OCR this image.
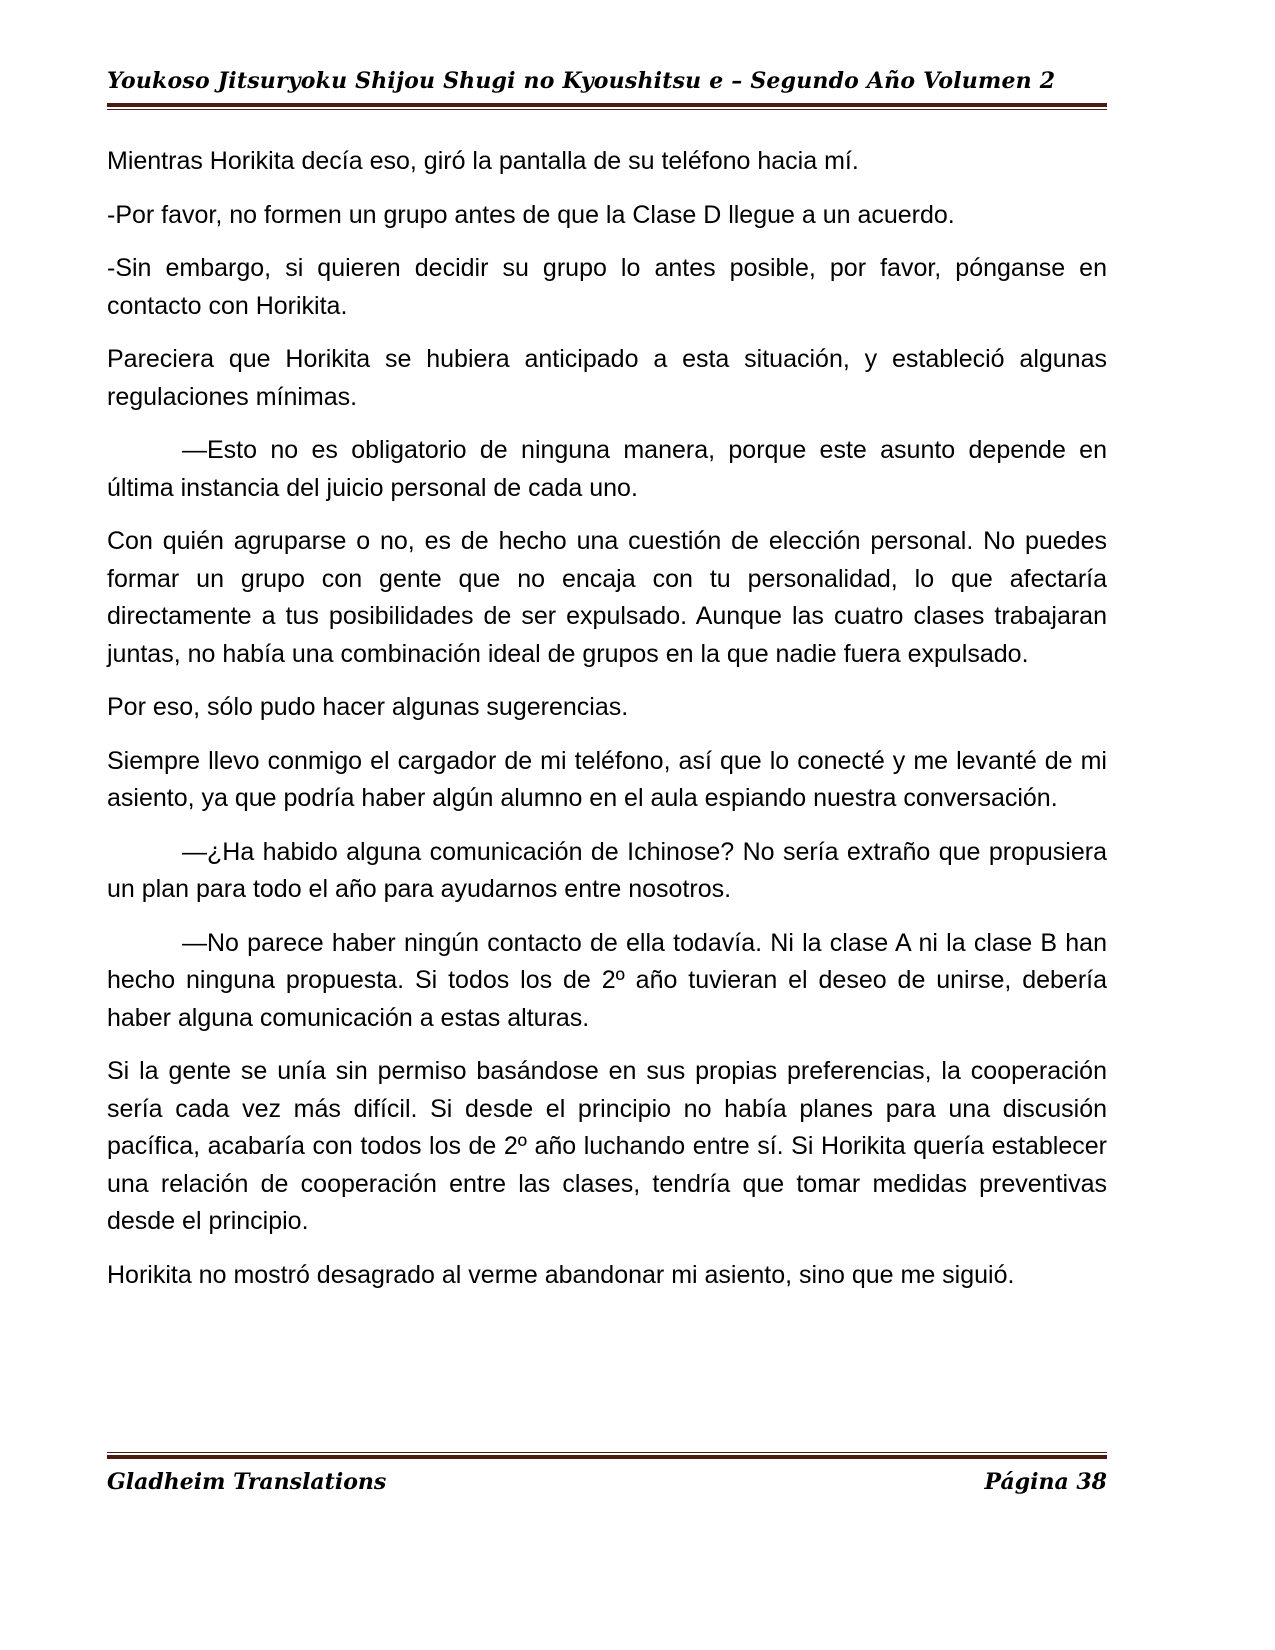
Youkoso Jitsuryoku Shijou Shugi no Kyoushitsu e – Segundo Año Volumen 2

Mientras Horikita decía eso, giró la pantalla de su teléfono hacia mí.

-Por favor, no formen un grupo antes de que la Clase D llegue a un acuerdo.

-Sin embargo, si quieren decidir su grupo lo antes posible, por favor, pónganse en contacto con Horikita.

Pareciera que Horikita se hubiera anticipado a esta situación, y estableció algunas regulaciones mínimas.

—Esto no es obligatorio de ninguna manera, porque este asunto depende en última instancia del juicio personal de cada uno.

Con quién agruparse o no, es de hecho una cuestión de elección personal. No puedes formar un grupo con gente que no encaja con tu personalidad, lo que afectaría directamente a tus posibilidades de ser expulsado. Aunque las cuatro clases trabajaran juntas, no había una combinación ideal de grupos en la que nadie fuera expulsado.

Por eso, sólo pudo hacer algunas sugerencias.

Siempre llevo conmigo el cargador de mi teléfono, así que lo conecté y me levanté de mi asiento, ya que podría haber algún alumno en el aula espiando nuestra conversación.

—¿Ha habido alguna comunicación de Ichinose? No sería extraño que propusiera un plan para todo el año para ayudarnos entre nosotros.

—No parece haber ningún contacto de ella todavía. Ni la clase A ni la clase B han hecho ninguna propuesta. Si todos los de 2º año tuvieran el deseo de unirse, debería haber alguna comunicación a estas alturas.

Si la gente se unía sin permiso basándose en sus propias preferencias, la cooperación sería cada vez más difícil. Si desde el principio no había planes para una discusión pacífica, acabaría con todos los de 2º año luchando entre sí. Si Horikita quería establecer una relación de cooperación entre las clases, tendría que tomar medidas preventivas desde el principio.

Horikita no mostró desagrado al verme abandonar mi asiento, sino que me siguió.

Gladheim Translations	Página 38
